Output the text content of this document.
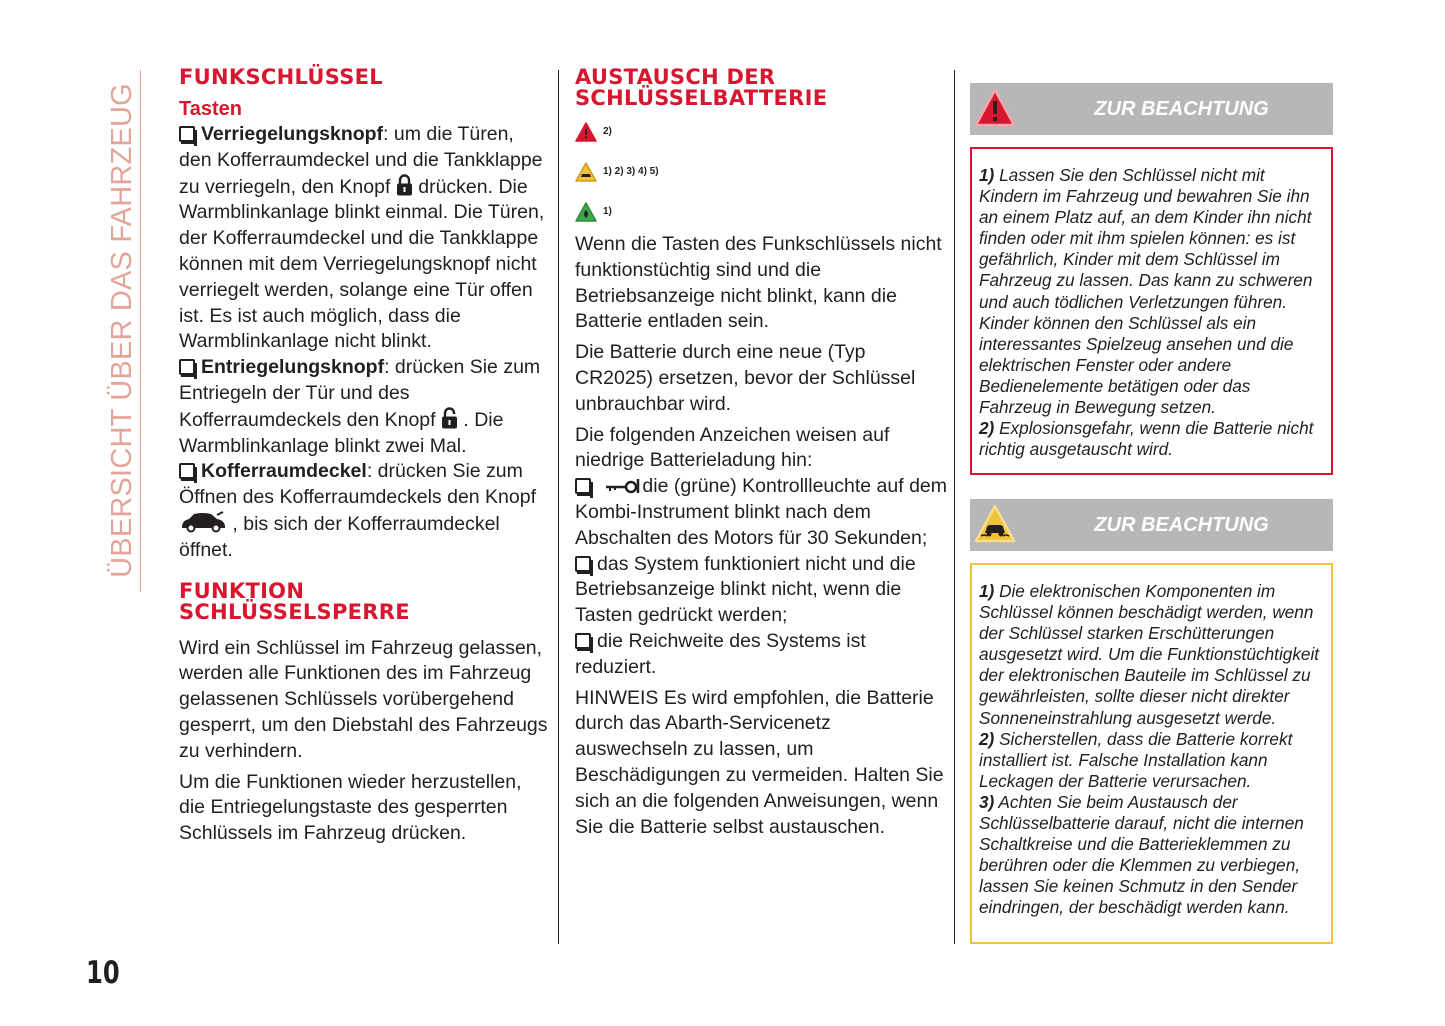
ÜBERSICHT ÜBER DAS FAHRZEUG
10
FUNKSCHLÜSSEL
Tasten
Verriegelungsknopf: um die Türen, den Kofferraumdeckel und die Tankklappe zu verriegeln, den Knopf  drücken. Die Warmblinkanlage blinkt einmal. Die Türen, der Kofferraumdeckel und die Tankklappe können mit dem Verriegelungsknopf nicht verriegelt werden, solange eine Tür offen ist. Es ist auch möglich, dass die Warmblinkanlage nicht blinkt.
Entriegelungsknopf: drücken Sie zum Entriegeln der Tür und des Kofferraumdeckels den Knopf  . Die Warmblinkanlage blinkt zwei Mal.
Kofferraumdeckel: drücken Sie zum Öffnen des Kofferraumdeckels den Knopf  , bis sich der Kofferraumdeckel öffnet.
FUNKTION
SCHLÜSSELSPERRE
Wird ein Schlüssel im Fahrzeug gelassen, werden alle Funktionen des im Fahrzeug gelassenen Schlüssels vorübergehend gesperrt, um den Diebstahl des Fahrzeugs zu verhindern.
Um die Funktionen wieder herzustellen, die Entriegelungstaste des gesperrten Schlüssels im Fahrzeug drücken.
AUSTAUSCH DER
SCHLÜSSELBATTERIE
2)
1) 2) 3) 4) 5)
1)
Wenn die Tasten des Funkschlüssels nicht funktionstüchtig sind und die Betriebsanzeige nicht blinkt, kann die Batterie entladen sein.
Die Batterie durch eine neue (Typ CR2025) ersetzen, bevor der Schlüssel unbrauchbar wird.
Die folgenden Anzeichen weisen auf niedrige Batterieladung hin:
die (grüne) Kontrollleuchte auf dem Kombi-Instrument blinkt nach dem Abschalten des Motors für 30 Sekunden;
das System funktioniert nicht und die Betriebsanzeige blinkt nicht, wenn die Tasten gedrückt werden;
die Reichweite des Systems ist reduziert.
HINWEIS Es wird empfohlen, die Batterie durch das Abarth-Servicenetz auswechseln zu lassen, um Beschädigungen zu vermeiden. Halten Sie sich an die folgenden Anweisungen, wenn Sie die Batterie selbst austauschen.
ZUR BEACHTUNG
1) Lassen Sie den Schlüssel nicht mit Kindern im Fahrzeug und bewahren Sie ihn an einem Platz auf, an dem Kinder ihn nicht finden oder mit ihm spielen können: es ist gefährlich, Kinder mit dem Schlüssel im Fahrzeug zu lassen. Das kann zu schweren und auch tödlichen Verletzungen führen. Kinder können den Schlüssel als ein interessantes Spielzeug ansehen und die elektrischen Fenster oder andere Bedienelemente betätigen oder das Fahrzeug in Bewegung setzen.
2) Explosionsgefahr, wenn die Batterie nicht richtig ausgetauscht wird.
ZUR BEACHTUNG
1) Die elektronischen Komponenten im Schlüssel können beschädigt werden, wenn der Schlüssel starken Erschütterungen ausgesetzt wird. Um die Funktionstüchtigkeit der elektronischen Bauteile im Schlüssel zu gewährleisten, sollte dieser nicht direkter Sonneneinstrahlung ausgesetzt werde.
2) Sicherstellen, dass die Batterie korrekt installiert ist. Falsche Installation kann Leckagen der Batterie verursachen.
3) Achten Sie beim Austausch der Schlüsselbatterie darauf, nicht die internen Schaltkreise und die Batterieklemmen zu berühren oder die Klemmen zu verbiegen, lassen Sie keinen Schmutz in den Sender eindringen, der beschädigt werden kann.
